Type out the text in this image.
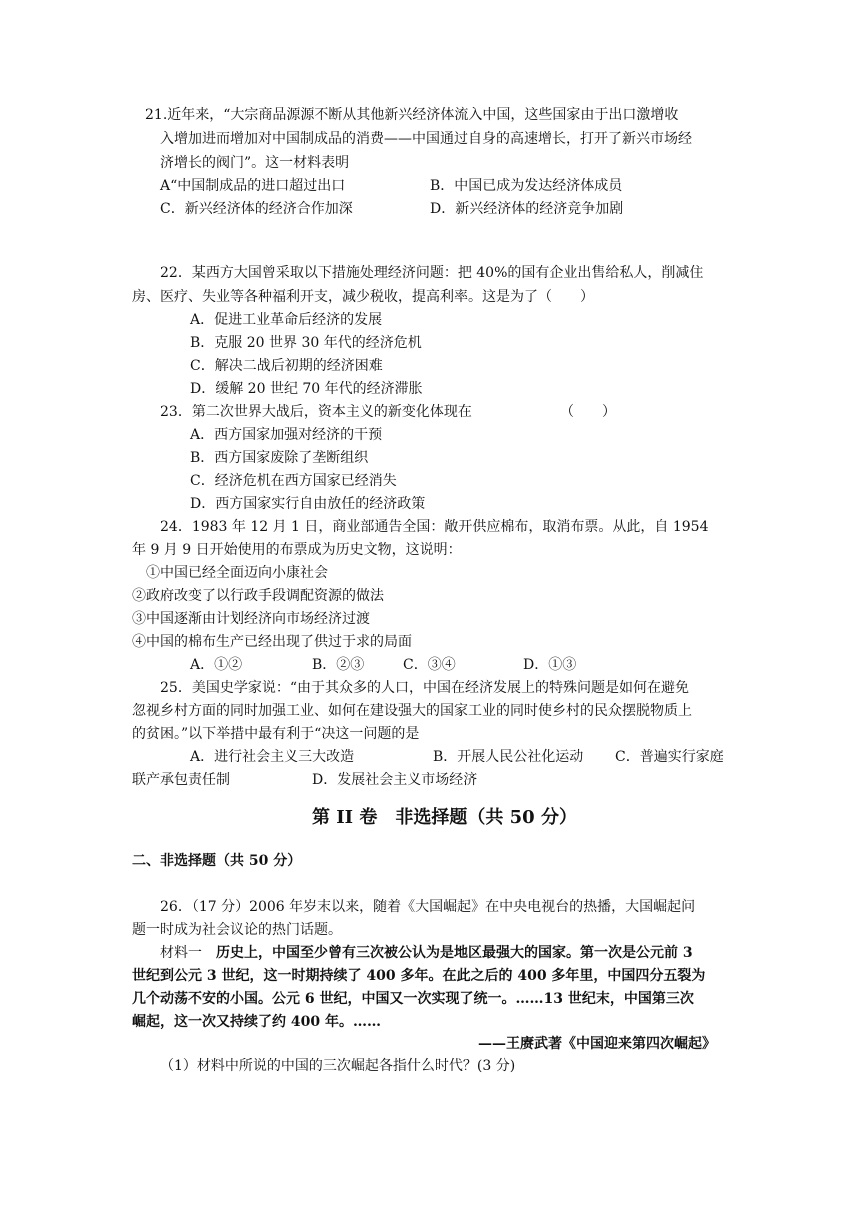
21.近年来，“大宗商品源源不断从其他新兴经济体流入中国，这些国家由于出口激增收
入增加进而增加对中国制成品的消费——中国通过自身的高速增长，打开了新兴市场经
济增长的阀门”。这一材料表明
A“中国制成品的进口超过出口	B．中国已成为发达经济体成员
C．新兴经济体的经济合作加深	D．新兴经济体的经济竞争加剧
22．某西方大国曾采取以下措施处理经济问题：把 40%的国有企业出售给私人，削减住
房、医疗、失业等各种福利开支，减少税收，提高利率。这是为了（　　）
A．促进工业革命后经济的发展
B．克服 20 世界 30 年代的经济危机
C．解决二战后初期的经济困难
D．缓解 20 世纪 70 年代的经济滞胀
23．第二次世界大战后，资本主义的新变化体现在	（　　）
A．西方国家加强对经济的干预
B．西方国家废除了垄断组织
C．经济危机在西方国家已经消失
D．西方国家实行自由放任的经济政策
24．1983 年 12 月 1 日，商业部通告全国：敞开供应棉布，取消布票。从此，自 1954
年 9 月 9 日开始使用的布票成为历史文物，这说明：
①中国已经全面迈向小康社会
②政府改变了以行政手段调配资源的做法
③中国逐渐由计划经济向市场经济过渡
④中国的棉布生产已经出现了供过于求的局面
A．①②	B．②③	C．③④	D．①③
25．美国史学家说：“由于其众多的人口，中国在经济发展上的特殊问题是如何在避免
忽视乡村方面的同时加强工业、如何在建设强大的国家工业的同时使乡村的民众摆脱物质上
的贫困。”以下举措中最有利于“决这一问题的是
A．进行社会主义三大改造	B．开展人民公社化运动 C．普遍实行家庭
联产承包责任制	D．发展社会主义市场经济
第 II 卷　非选择题（共 50 分）
二、非选择题（共 50 分）
26．（17 分）2006 年岁末以来，随着《大国崛起》在中央电视台的热播，大国崛起问
题一时成为社会议论的热门话题。
材料一　历史上，中国至少曾有三次被公认为是地区最强大的国家。第一次是公元前 3
世纪到公元 3 世纪，这一时期持续了 400 多年。在此之后的 400 多年里，中国四分五裂为
几个动荡不安的小国。公元 6 世纪，中国又一次实现了统一。……13 世纪末，中国第三次
崛起，这一次又持续了约 400 年。……
——王赓武著《中国迎来第四次崛起》
（1）材料中所说的中国的三次崛起各指什么时代？(3 分)
